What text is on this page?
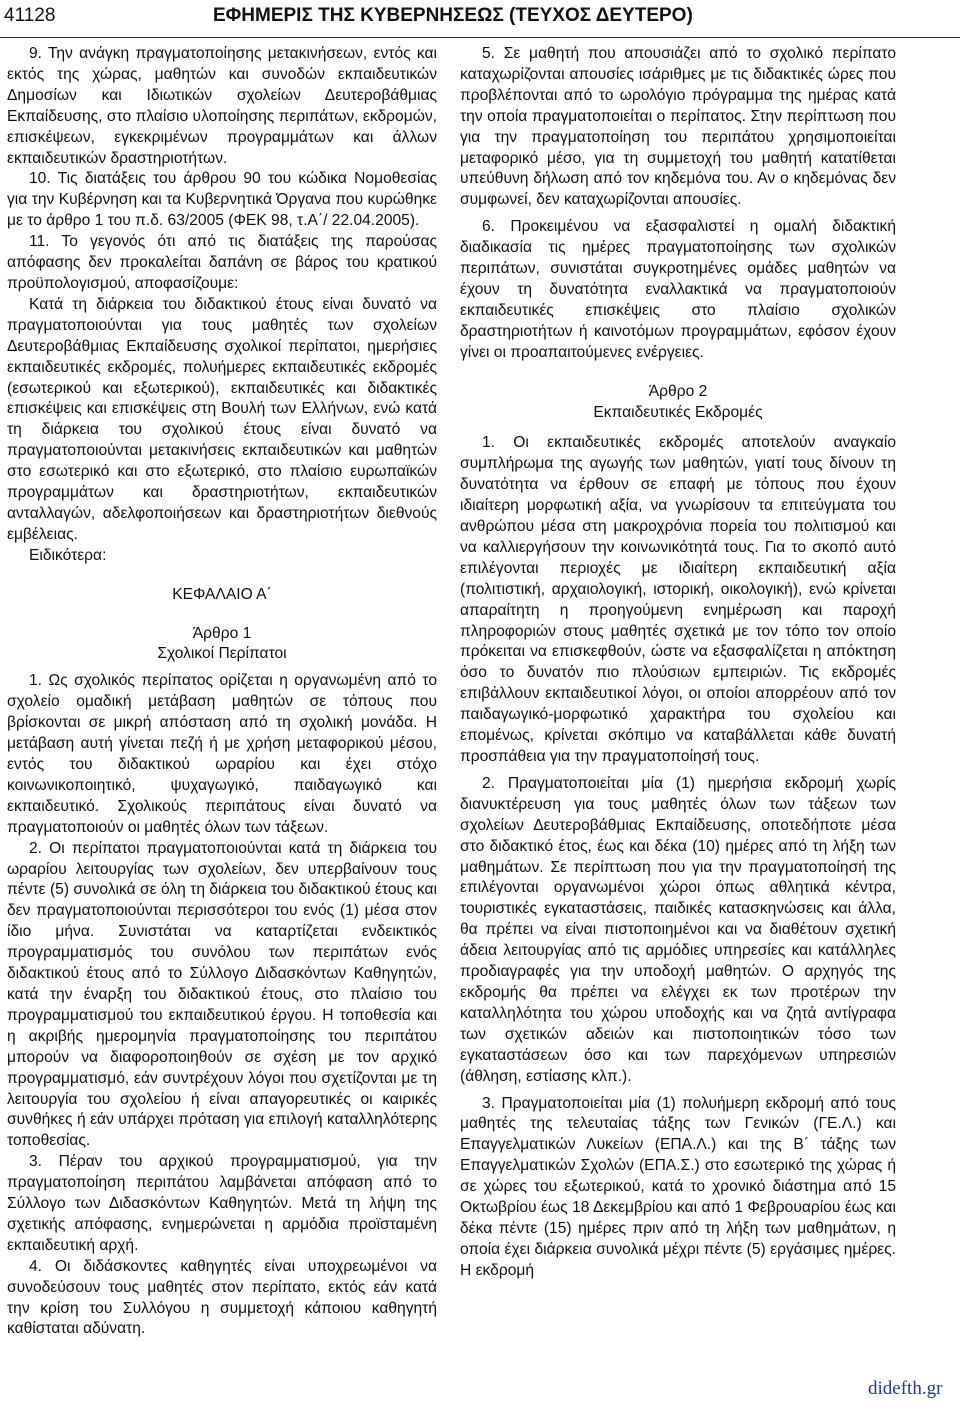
41128	ΕΦΗΜΕΡΙΣ ΤΗΣ ΚΥΒΕΡΝΗΣΕΩΣ (ΤΕΥΧΟΣ ΔΕΥΤΕΡΟ)

9. Την ανάγκη πραγματοποίησης μετακινήσεων, εντός και εκτός της χώρας, μαθητών και συνοδών εκπαιδευτικών Δημοσίων και Ιδιωτικών σχολείων Δευτεροβάθμιας Εκπαίδευσης, στο πλαίσιο υλοποίησης περιπάτων, εκδρομών, επισκέψεων, εγκεκριμένων προγραμμάτων και άλλων εκπαιδευτικών δραστηριοτήτων.

10. Τις διατάξεις του άρθρου 90 του κώδικα Νομοθεσίας για την Κυβέρνηση και τα Κυβερνητικά Όργανα που κυρώθηκε με το άρθρο 1 του π.δ. 63/2005 (ΦΕΚ 98, τ.Α΄/ 22.04.2005).

11. Το γεγονός ότι από τις διατάξεις της παρούσας απόφασης δεν προκαλείται δαπάνη σε βάρος του κρατικού προϋπολογισμού, αποφασίζουμε:

Κατά τη διάρκεια του διδακτικού έτους είναι δυνατό να πραγματοποιούνται για τους μαθητές των σχολείων Δευτεροβάθμιας Εκπαίδευσης σχολικοί περίπατοι, ημερήσιες εκπαιδευτικές εκδρομές, πολυήμερες εκπαιδευτικές εκδρομές (εσωτερικού και εξωτερικού), εκπαιδευτικές και διδακτικές επισκέψεις και επισκέψεις στη Βουλή των Ελλήνων, ενώ κατά τη διάρκεια του σχολικού έτους είναι δυνατό να πραγματοποιούνται μετακινήσεις εκπαιδευτικών και μαθητών στο εσωτερικό και στο εξωτερικό, στο πλαίσιο ευρωπαϊκών προγραμμάτων και δραστηριοτήτων, εκπαιδευτικών ανταλλαγών, αδελφοποιήσεων και δραστηριοτήτων διεθνούς εμβέλειας.

Ειδικότερα:

ΚΕΦΑΛΑΙΟ Α΄

Άρθρο 1

Σχολικοί Περίπατοι

1. Ως σχολικός περίπατος ορίζεται η οργανωμένη από το σχολείο ομαδική μετάβαση μαθητών σε τόπους που βρίσκονται σε μικρή απόσταση από τη σχολική μονάδα. Η μετάβαση αυτή γίνεται πεζή ή με χρήση μεταφορικού μέσου, εντός του διδακτικού ωραρίου και έχει στόχο κοινωνικοποιητικό, ψυχαγωγικό, παιδαγωγικό και εκπαιδευτικό. Σχολικούς περιπάτους είναι δυνατό να πραγματοποιούν οι μαθητές όλων των τάξεων.

2. Οι περίπατοι πραγματοποιούνται κατά τη διάρκεια του ωραρίου λειτουργίας των σχολείων, δεν υπερβαίνουν τους πέντε (5) συνολικά σε όλη τη διάρκεια του διδακτικού έτους και δεν πραγματοποιούνται περισσότεροι του ενός (1) μέσα στον ίδιο μήνα. Συνιστάται να καταρτίζεται ενδεικτικός προγραμματισμός του συνόλου των περιπάτων ενός διδακτικού έτους από το Σύλλογο Διδασκόντων Καθηγητών, κατά την έναρξη του διδακτικού έτους, στο πλαίσιο του προγραμματισμού του εκπαιδευτικού έργου. Η τοποθεσία και η ακριβής ημερομηνία πραγματοποίησης του περιπάτου μπορούν να διαφοροποιηθούν σε σχέση με τον αρχικό προγραμματισμό, εάν συντρέχουν λόγοι που σχετίζονται με τη λειτουργία του σχολείου ή είναι απαγορευτικές οι καιρικές συνθήκες ή εάν υπάρχει πρόταση για επιλογή καταλληλότερης τοποθεσίας.

3. Πέραν του αρχικού προγραμματισμού, για την πραγματοποίηση περιπάτου λαμβάνεται απόφαση από το Σύλλογο των Διδασκόντων Καθηγητών. Μετά τη λήψη της σχετικής απόφασης, ενημερώνεται η αρμόδια προϊσταμένη εκπαιδευτική αρχή.

4. Οι διδάσκοντες καθηγητές είναι υποχρεωμένοι να συνοδεύσουν τους μαθητές στον περίπατο, εκτός εάν κατά την κρίση του Συλλόγου η συμμετοχή κάποιου καθηγητή καθίσταται αδύνατη.

5. Σε μαθητή που απουσιάζει από το σχολικό περίπατο καταχωρίζονται απουσίες ισάριθμες με τις διδακτικές ώρες που προβλέπονται από το ωρολόγιο πρόγραμμα της ημέρας κατά την οποία πραγματοποιείται ο περίπατος. Στην περίπτωση που για την πραγματοποίηση του περιπάτου χρησιμοποιείται μεταφορικό μέσο, για τη συμμετοχή του μαθητή κατατίθεται υπεύθυνη δήλωση από τον κηδεμόνα του. Αν ο κηδεμόνας δεν συμφωνεί, δεν καταχωρίζονται απουσίες.

6. Προκειμένου να εξασφαλιστεί η ομαλή διδακτική διαδικασία τις ημέρες πραγματοποίησης των σχολικών περιπάτων, συνιστάται συγκροτημένες ομάδες μαθητών να έχουν τη δυνατότητα εναλλακτικά να πραγματοποιούν εκπαιδευτικές επισκέψεις στο πλαίσιο σχολικών δραστηριοτήτων ή καινοτόμων προγραμμάτων, εφόσον έχουν γίνει οι προαπαιτούμενες ενέργειες.

Άρθρο 2

Εκπαιδευτικές Εκδρομές

1. Οι εκπαιδευτικές εκδρομές αποτελούν αναγκαίο συμπλήρωμα της αγωγής των μαθητών, γιατί τους δίνουν τη δυνατότητα να έρθουν σε επαφή με τόπους που έχουν ιδιαίτερη μορφωτική αξία, να γνωρίσουν τα επιτεύγματα του ανθρώπου μέσα στη μακροχρόνια πορεία του πολιτισμού και να καλλιεργήσουν την κοινωνικότητά τους. Για το σκοπό αυτό επιλέγονται περιοχές με ιδιαίτερη εκπαιδευτική αξία (πολιτιστική, αρχαιολογική, ιστορική, οικολογική), ενώ κρίνεται απαραίτητη η προηγούμενη ενημέρωση και παροχή πληροφοριών στους μαθητές σχετικά με τον τόπο τον οποίο πρόκειται να επισκεφθούν, ώστε να εξασφαλίζεται η απόκτηση όσο το δυνατόν πιο πλούσιων εμπειριών. Τις εκδρομές επιβάλλουν εκπαιδευτικοί λόγοι, οι οποίοι απορρέουν από τον παιδαγωγικό-μορφωτικό χαρακτήρα του σχολείου και επομένως, κρίνεται σκόπιμο να καταβάλλεται κάθε δυνατή προσπάθεια για την πραγματοποίησή τους.

2. Πραγματοποιείται μία (1) ημερήσια εκδρομή χωρίς διανυκτέρευση για τους μαθητές όλων των τάξεων των σχολείων Δευτεροβάθμιας Εκπαίδευσης, οποτεδήποτε μέσα στο διδακτικό έτος, έως και δέκα (10) ημέρες από τη λήξη των μαθημάτων. Σε περίπτωση που για την πραγματοποίησή της επιλέγονται οργανωμένοι χώροι όπως αθλητικά κέντρα, τουριστικές εγκαταστάσεις, παιδικές κατασκηνώσεις και άλλα, θα πρέπει να είναι πιστοποιημένοι και να διαθέτουν σχετική άδεια λειτουργίας από τις αρμόδιες υπηρεσίες και κατάλληλες προδιαγραφές για την υποδοχή μαθητών. Ο αρχηγός της εκδρομής θα πρέπει να ελέγχει εκ των προτέρων την καταλληλότητα του χώρου υποδοχής και να ζητά αντίγραφα των σχετικών αδειών και πιστοποιητικών τόσο των εγκαταστάσεων όσο και των παρεχόμενων υπηρεσιών (άθληση, εστίασης κλπ.).

3. Πραγματοποιείται μία (1) πολυήμερη εκδρομή από τους μαθητές της τελευταίας τάξης των Γενικών (ΓΕ.Λ.) και Επαγγελματικών Λυκείων (ΕΠΑ.Λ.) και της Β΄ τάξης των Επαγγελματικών Σχολών (ΕΠΑ.Σ.) στο εσωτερικό της χώρας ή σε χώρες του εξωτερικού, κατά το χρονικό διάστημα από 15 Οκτωβρίου έως 18 Δεκεμβρίου και από 1 Φεβρουαρίου έως και δέκα πέντε (15) ημέρες πριν από τη λήξη των μαθημάτων, η οποία έχει διάρκεια συνολικά μέχρι πέντε (5) εργάσιμες ημέρες. Η εκδρομή

didefth.gr
